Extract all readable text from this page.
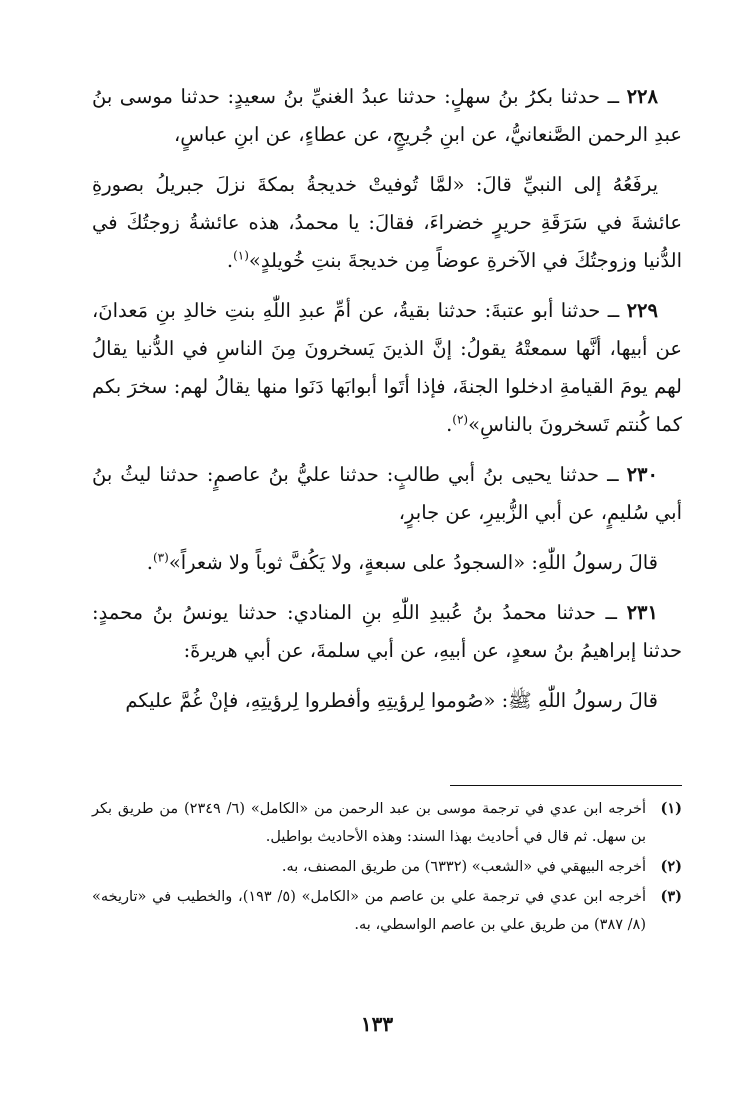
٢٢٨ ــ حدثنا بكرُ بنُ سهلٍ: حدثنا عبدُ الغنيِّ بنُ سعيدٍ: حدثنا موسى بنُ عبدِ الرحمن الصَّنعانيُّ، عن ابنِ جُريجٍ، عن عطاءٍ، عن ابنِ عباسٍ،

يرفَعُهُ إلى النبيِّ قالَ: «لمَّا تُوفيتْ خديجةُ بمكةَ نزلَ جبريلُ بصورةِ عائشةَ في سَرَقَةِ حريرٍ خضراءَ، فقالَ: يا محمدُ، هذه عائشةُ زوجتُكَ في الدُّنيا وزوجتُكَ في الآخرةِ عوضاً مِن خديجةَ بنتِ خُويلدٍ»$^{(١)}$.

٢٢٩ ــ حدثنا أبو عتبةَ: حدثنا بقيةُ، عن أمِّ عبدِ اللّٰهِ بنتِ خالدِ بنِ مَعدانَ، عن أبيها، أنَّها سمعتْهُ يقولُ: إنَّ الذينَ يَسخرونَ مِنَ الناسِ في الدُّنيا يقالُ لهم يومَ القيامةِ ادخلوا الجنةَ، فإذا أتَوا أبوابَها دَنَوا منها يقالُ لهم: سخرَ بكم كما كُنتم تَسخرونَ بالناسِ»$^{(٢)}$.

٢٣٠ ــ حدثنا يحيى بنُ أبي طالبٍ: حدثنا عليُّ بنُ عاصمٍ: حدثنا ليثُ بنُ أبي سُليمٍ، عن أبي الزُّبيرِ، عن جابرٍ،

قالَ رسولُ اللّٰهِ: «السجودُ على سبعةٍ، ولا يَكُفَّ ثوباً ولا شعراً»$^{(٣)}$.

٢٣١ ــ حدثنا محمدُ بنُ عُبيدِ اللّٰهِ بنِ المنادي: حدثنا يونسُ بنُ محمدٍ: حدثنا إبراهيمُ بنُ سعدٍ، عن أبيهِ، عن أبي سلمةَ، عن أبي هريرةَ:

قالَ رسولُ اللّٰهِ ﷺ: «صُوموا لِرؤيتِهِ وأفطروا لِرؤيتِهِ، فإنْ غُمَّ عليكم

(١)
أخرجه ابن عدي في ترجمة موسى بن عبد الرحمن من «الكامل» (٦/ ٢٣٤٩) من طريق بكر بن سهل. ثم قال في أحاديث بهذا السند: وهذه الأحاديث بواطيل.
(٢)
أخرجه البيهقي في «الشعب» (٦٣٣٢) من طريق المصنف، به.
(٣)
أخرجه ابن عدي في ترجمة علي بن عاصم من «الكامل» (٥/ ١٩٣)، والخطيب في «تاريخه» (٨/ ٣٨٧) من طريق علي بن عاصم الواسطي، به.
١٣٣
